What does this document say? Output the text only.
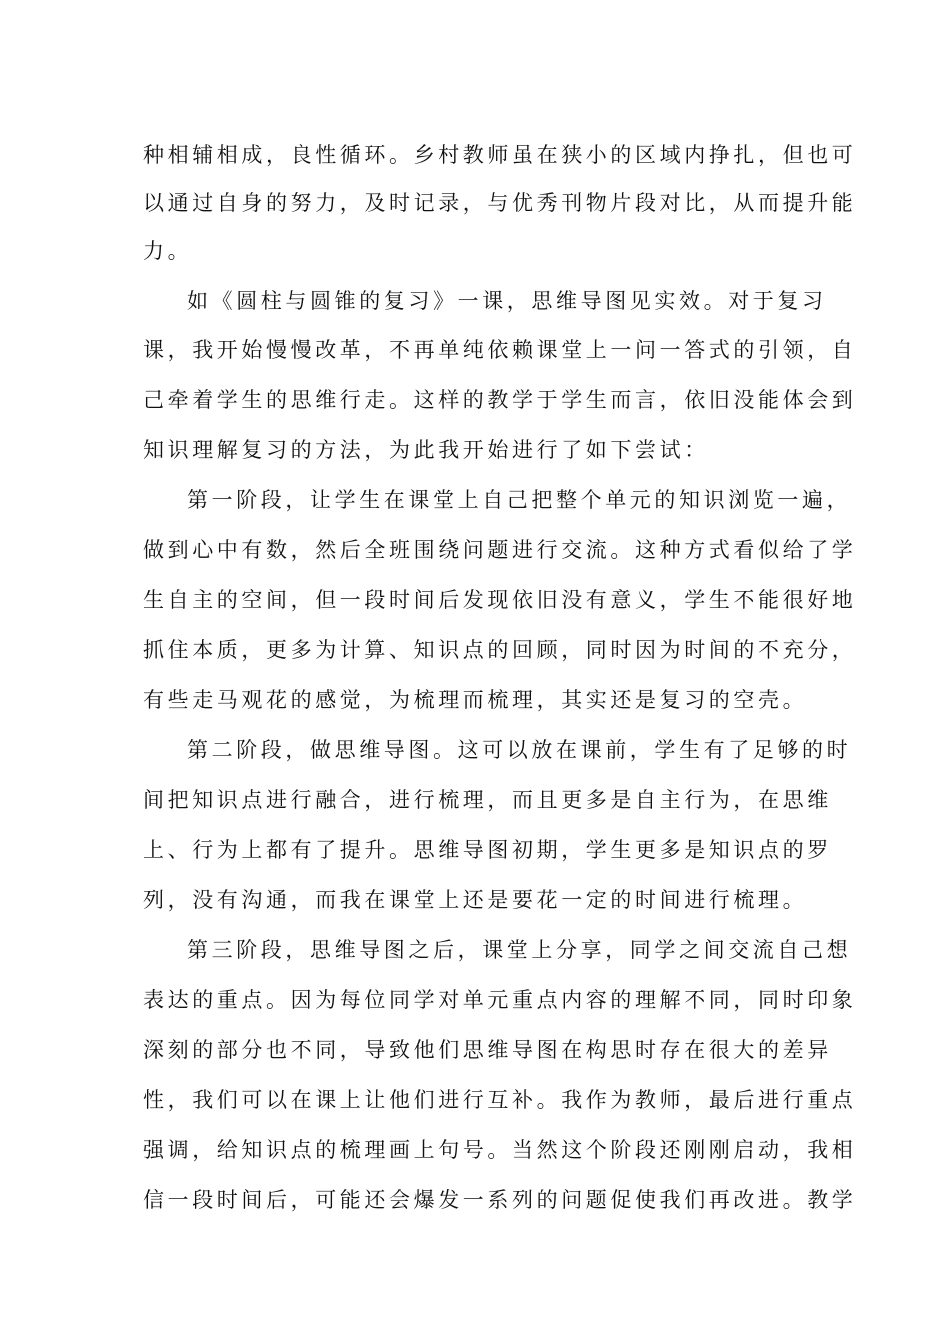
种相辅相成，良性循环。乡村教师虽在狭小的区域内挣扎，但也可

以通过自身的努力，及时记录，与优秀刊物片段对比，从而提升能

力。

如《圆柱与圆锥的复习》一课，思维导图见实效。对于复习

课，我开始慢慢改革，不再单纯依赖课堂上一问一答式的引领，自

己牵着学生的思维行走。这样的教学于学生而言，依旧没能体会到

知识理解复习的方法，为此我开始进行了如下尝试：

第一阶段，让学生在课堂上自己把整个单元的知识浏览一遍，

做到心中有数，然后全班围绕问题进行交流。这种方式看似给了学

生自主的空间，但一段时间后发现依旧没有意义，学生不能很好地

抓住本质，更多为计算、知识点的回顾，同时因为时间的不充分，

有些走马观花的感觉，为梳理而梳理，其实还是复习的空壳。

第二阶段，做思维导图。这可以放在课前，学生有了足够的时

间把知识点进行融合，进行梳理，而且更多是自主行为，在思维

上、行为上都有了提升。思维导图初期，学生更多是知识点的罗

列，没有沟通，而我在课堂上还是要花一定的时间进行梳理。

第三阶段，思维导图之后，课堂上分享，同学之间交流自己想

表达的重点。因为每位同学对单元重点内容的理解不同，同时印象

深刻的部分也不同，导致他们思维导图在构思时存在很大的差异

性，我们可以在课上让他们进行互补。我作为教师，最后进行重点

强调，给知识点的梳理画上句号。当然这个阶段还刚刚启动，我相

信一段时间后，可能还会爆发一系列的问题促使我们再改进。教学
